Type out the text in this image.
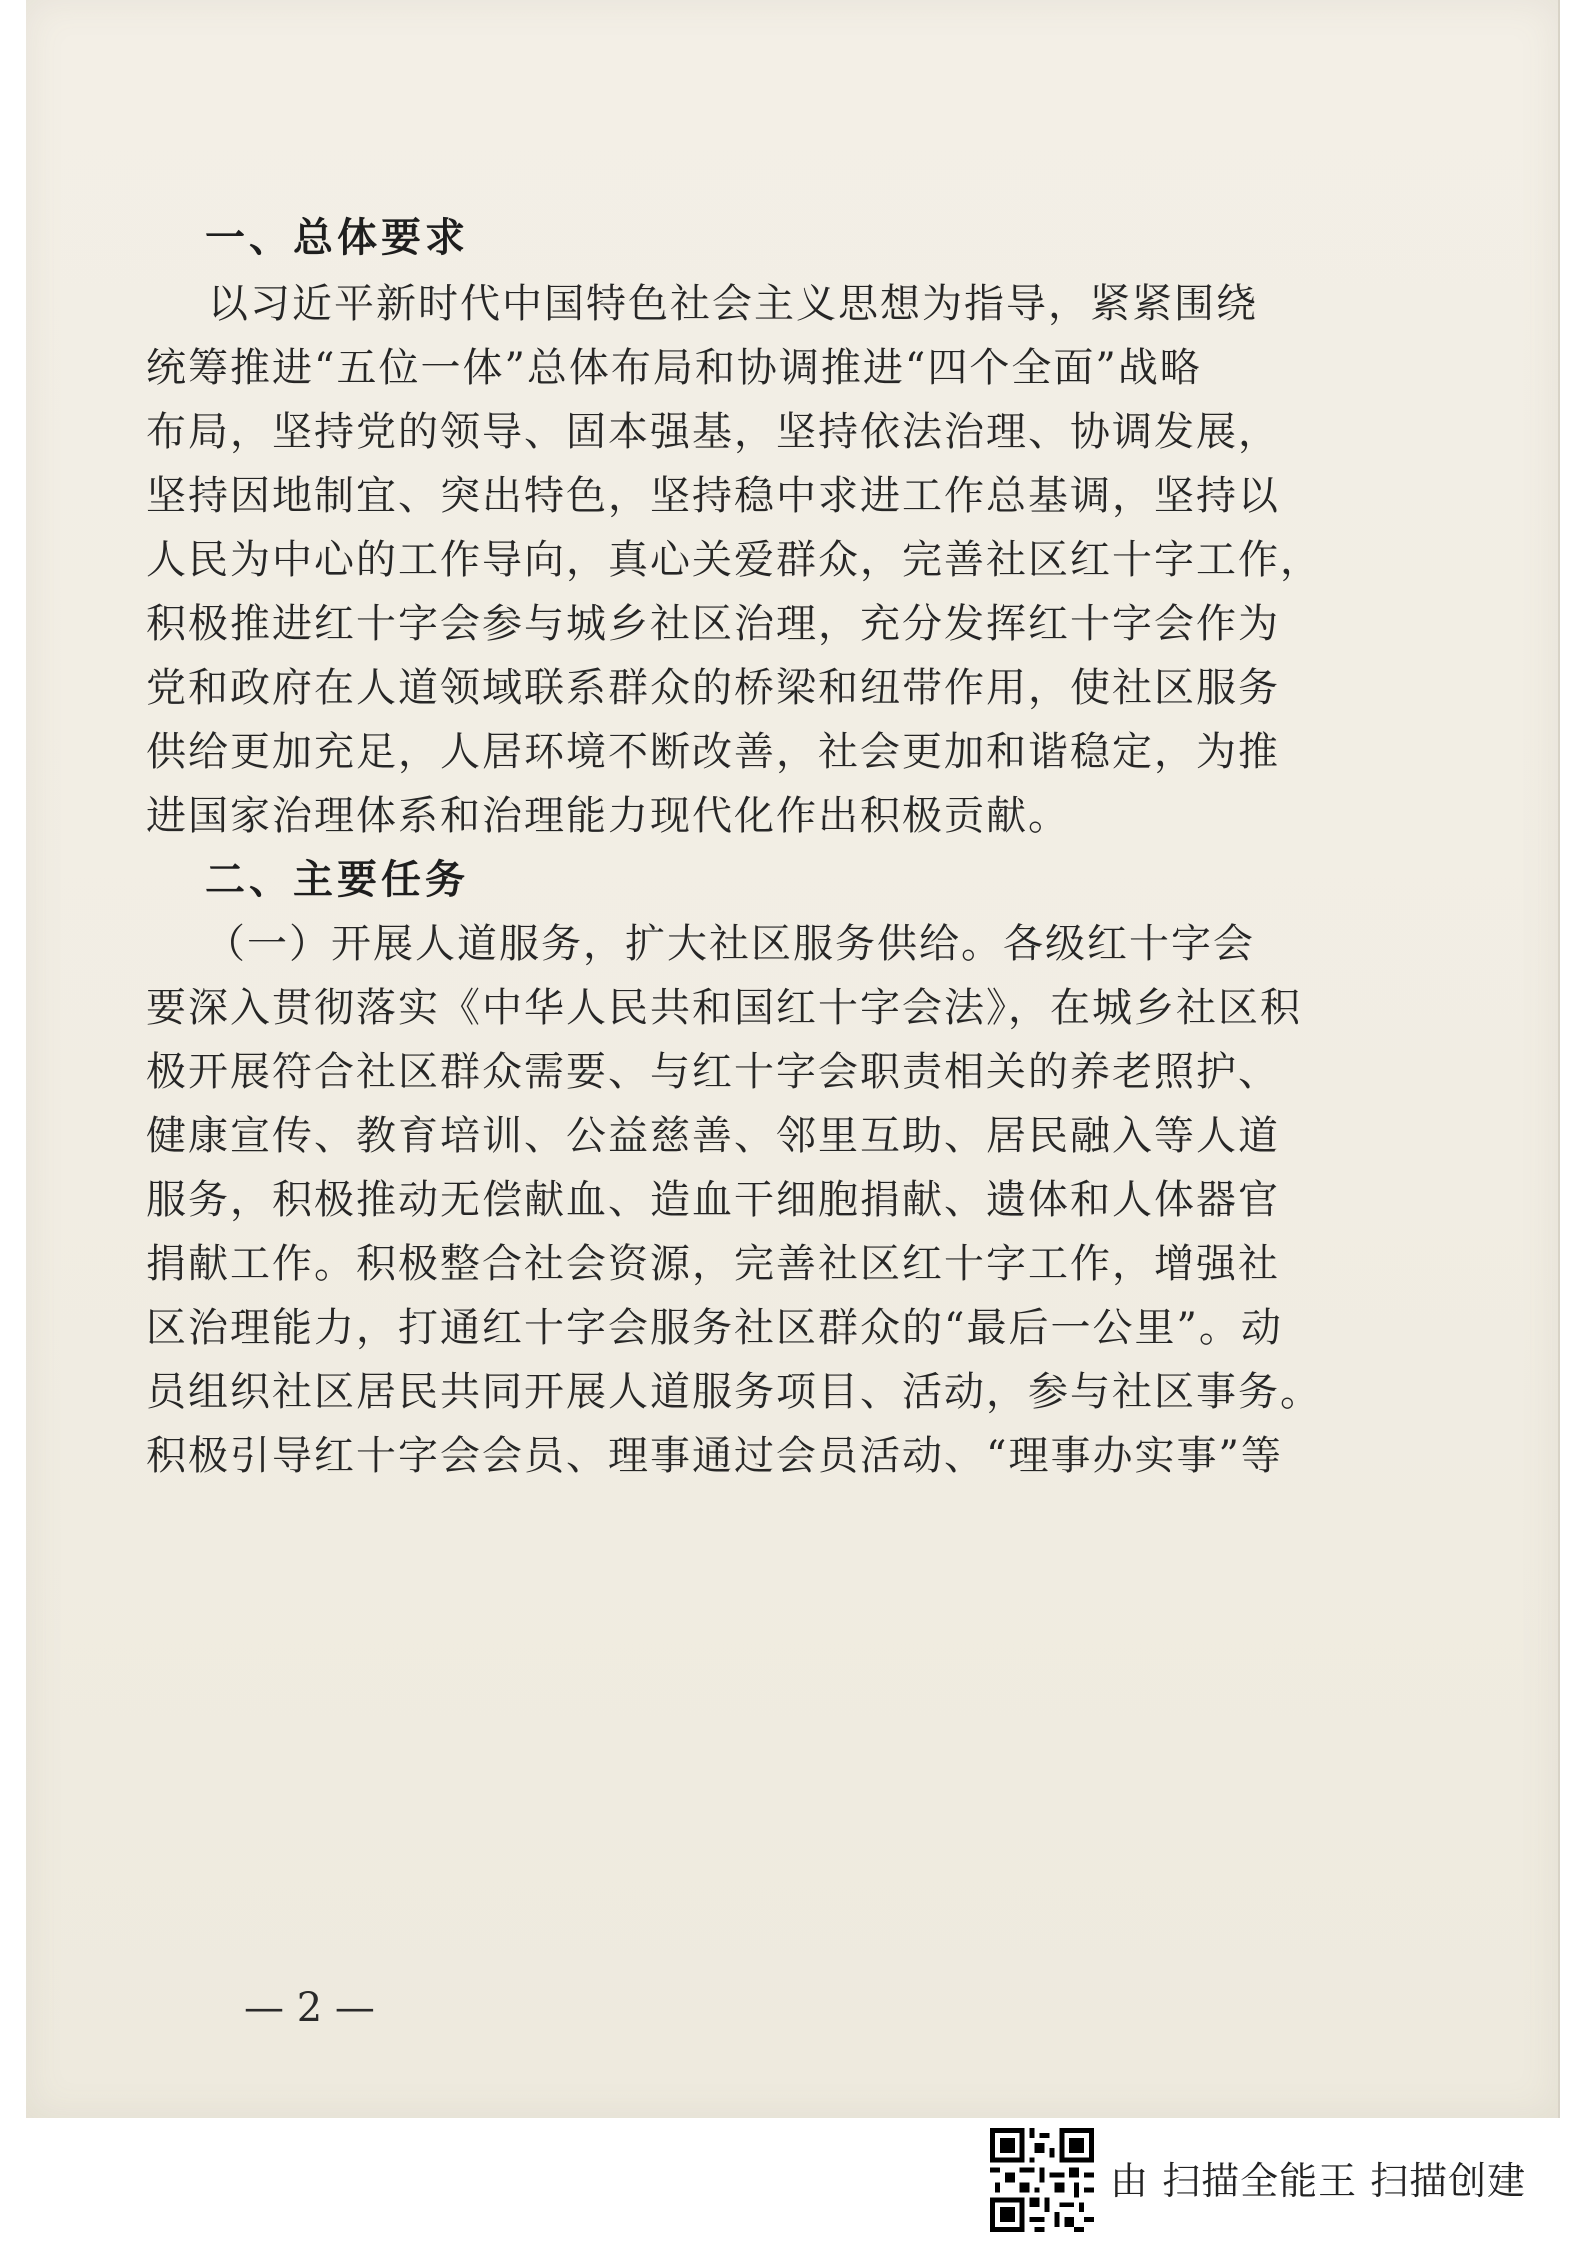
一、总体要求
以习近平新时代中国特色社会主义思想为指导，紧紧围绕
统筹推进“五位一体”总体布局和协调推进“四个全面”战略
布局，坚持党的领导、固本强基，坚持依法治理、协调发展，
坚持因地制宜、突出特色，坚持稳中求进工作总基调，坚持以
人民为中心的工作导向，真心关爱群众，完善社区红十字工作，
积极推进红十字会参与城乡社区治理，充分发挥红十字会作为
党和政府在人道领域联系群众的桥梁和纽带作用，使社区服务
供给更加充足，人居环境不断改善，社会更加和谐稳定，为推
进国家治理体系和治理能力现代化作出积极贡献。
二、主要任务
（一）开展人道服务，扩大社区服务供给。各级红十字会
要深入贯彻落实《中华人民共和国红十字会法》，在城乡社区积
极开展符合社区群众需要、与红十字会职责相关的养老照护、
健康宣传、教育培训、公益慈善、邻里互助、居民融入等人道
服务，积极推动无偿献血、造血干细胞捐献、遗体和人体器官
捐献工作。积极整合社会资源，完善社区红十字工作，增强社
区治理能力，打通红十字会服务社区群众的“最后一公里”。动
员组织社区居民共同开展人道服务项目、活动，参与社区事务。
积极引导红十字会会员、理事通过会员活动、“理事办实事”等
— 2 —
由 扫描全能王 扫描创建
